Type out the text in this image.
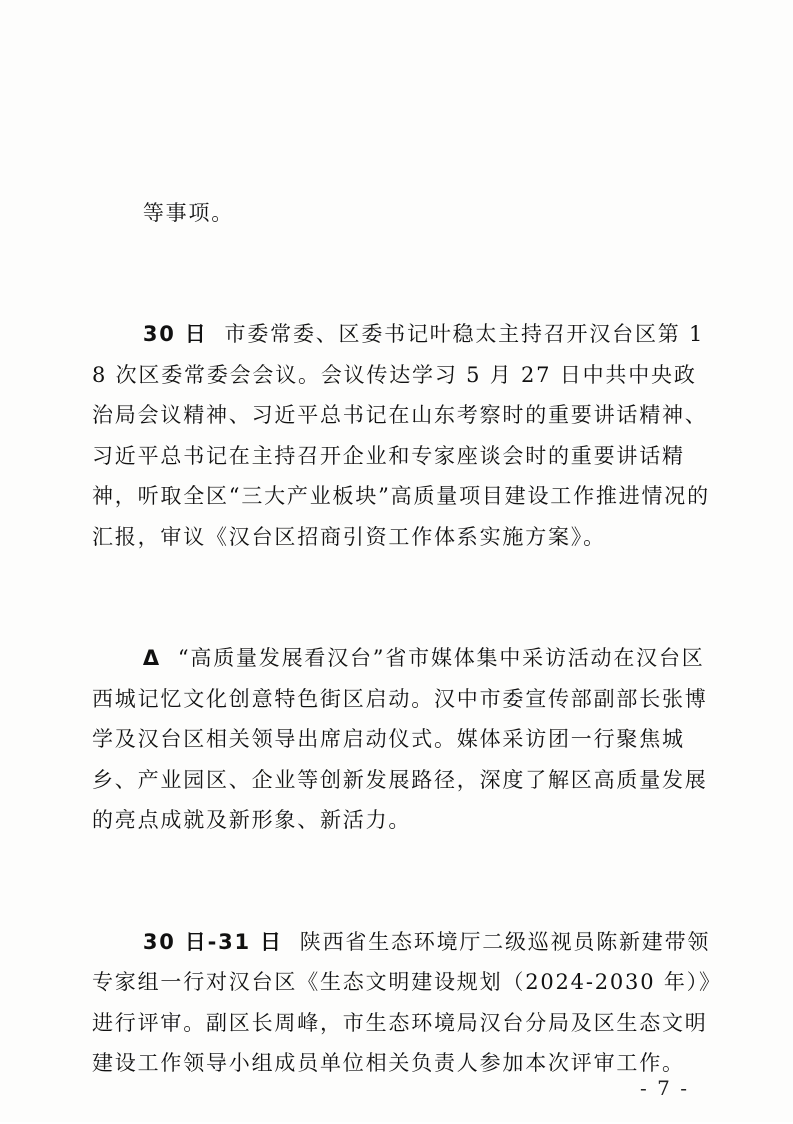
等事项。

30 日  市委常委、区委书记叶稳太主持召开汉台区第 18 次区委常委会会议。会议传达学习 5 月 27 日中共中央政治局会议精神、习近平总书记在山东考察时的重要讲话精神、习近平总书记在主持召开企业和专家座谈会时的重要讲话精神，听取全区“三大产业板块”高质量项目建设工作推进情况的汇报，审议《汉台区招商引资工作体系实施方案》。

Δ  “高质量发展看汉台”省市媒体集中采访活动在汉台区西城记忆文化创意特色街区启动。汉中市委宣传部副部长张博学及汉台区相关领导出席启动仪式。媒体采访团一行聚焦城乡、产业园区、企业等创新发展路径，深度了解区高质量发展的亮点成就及新形象、新活力。

30 日-31 日  陕西省生态环境厅二级巡视员陈新建带领专家组一行对汉台区《生态文明建设规划（2024-2030 年）》进行评审。副区长周峰，市生态环境局汉台分局及区生态文明建设工作领导小组成员单位相关负责人参加本次评审工作。

- 7 -
